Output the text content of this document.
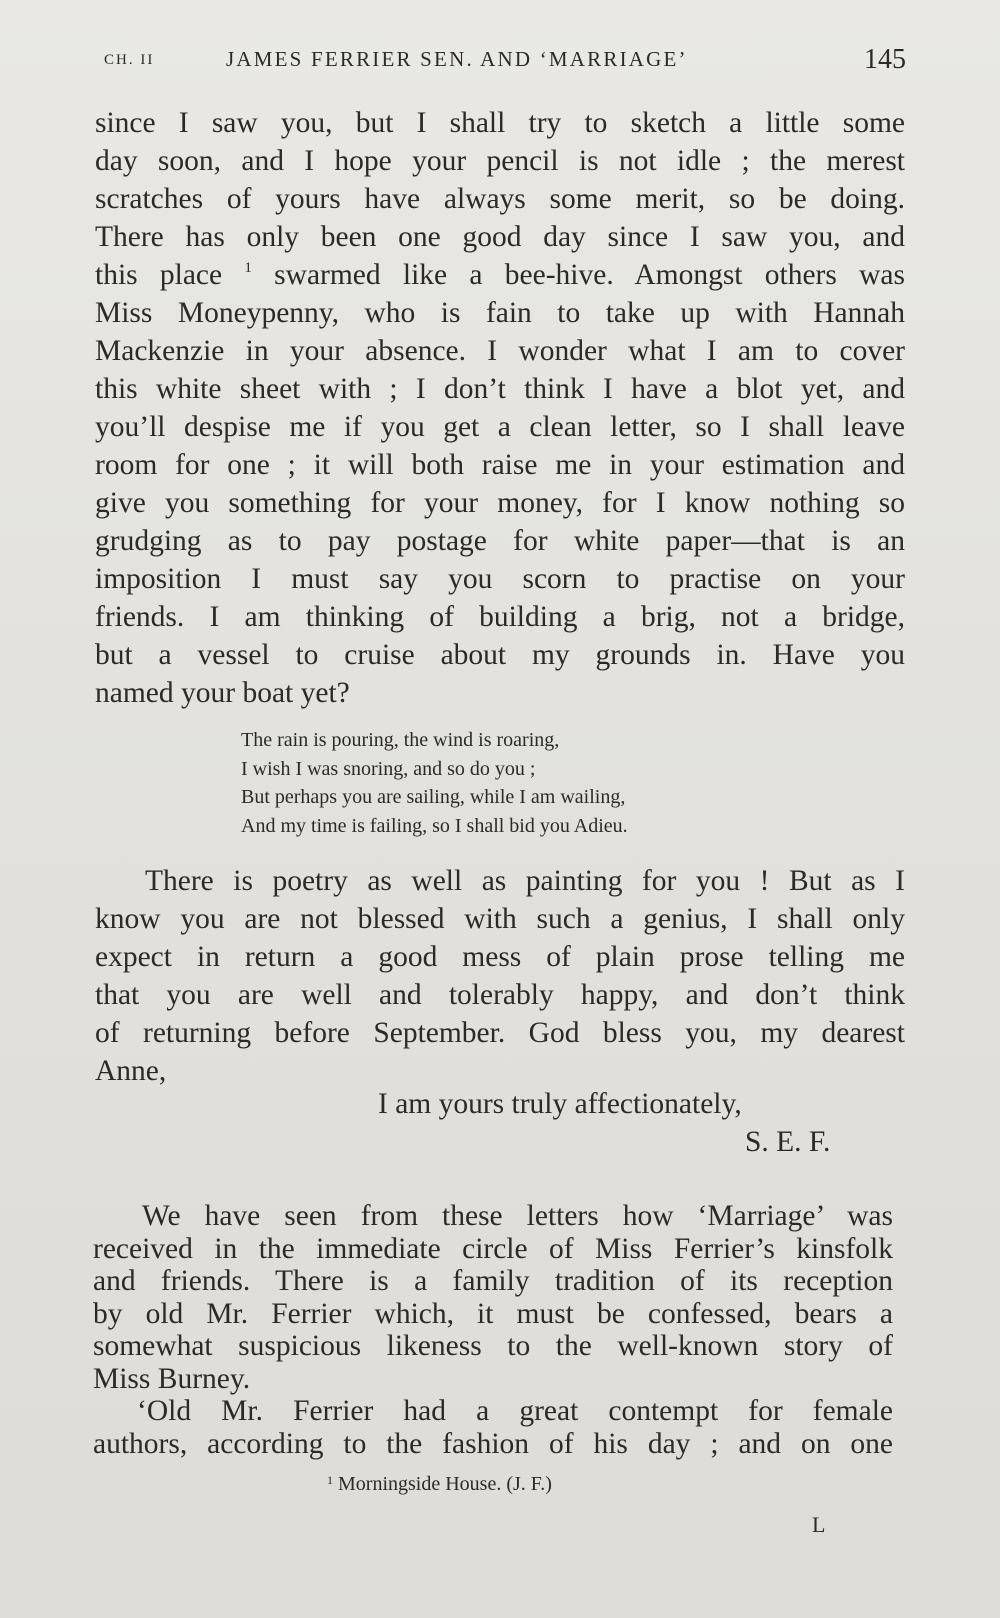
CH. II	JAMES FERRIER SEN. AND ‘MARRIAGE’	145
since I saw you, but I shall try to sketch a little some
day soon, and I hope your pencil is not idle ; the merest
scratches of yours have always some merit, so be doing.
There has only been one good day since I saw you, and
this place $^1$ swarmed like a bee-hive. Amongst others was
Miss Moneypenny, who is fain to take up with Hannah
Mackenzie in your absence. I wonder what I am to cover
this white sheet with ; I don’t think I have a blot yet, and
you’ll despise me if you get a clean letter, so I shall leave
room for one ; it will both raise me in your estimation and
give you something for your money, for I know nothing so
grudging as to pay postage for white paper—that is an
imposition I must say you scorn to practise on your
friends. I am thinking of building a brig, not a bridge,
but a vessel to cruise about my grounds in. Have you
named your boat yet?
The rain is pouring, the wind is roaring,
I wish I was snoring, and so do you ;
But perhaps you are sailing, while I am wailing,
And my time is failing, so I shall bid you Adieu.
There is poetry as well as painting for you ! But as I
know you are not blessed with such a genius, I shall only
expect in return a good mess of plain prose telling me
that you are well and tolerably happy, and don’t think
of returning before September. God bless you, my dearest
Anne,
I am yours truly affectionately,
S. E. F.
We have seen from these letters how ‘Marriage’ was
received in the immediate circle of Miss Ferrier’s kinsfolk
and friends. There is a family tradition of its reception
by old Mr. Ferrier which, it must be confessed, bears a
somewhat suspicious likeness to the well-known story of
Miss Burney.
‘Old Mr. Ferrier had a great contempt for female
authors, according to the fashion of his day ; and on one
$^1$ Morningside House. (J. F.)
L
